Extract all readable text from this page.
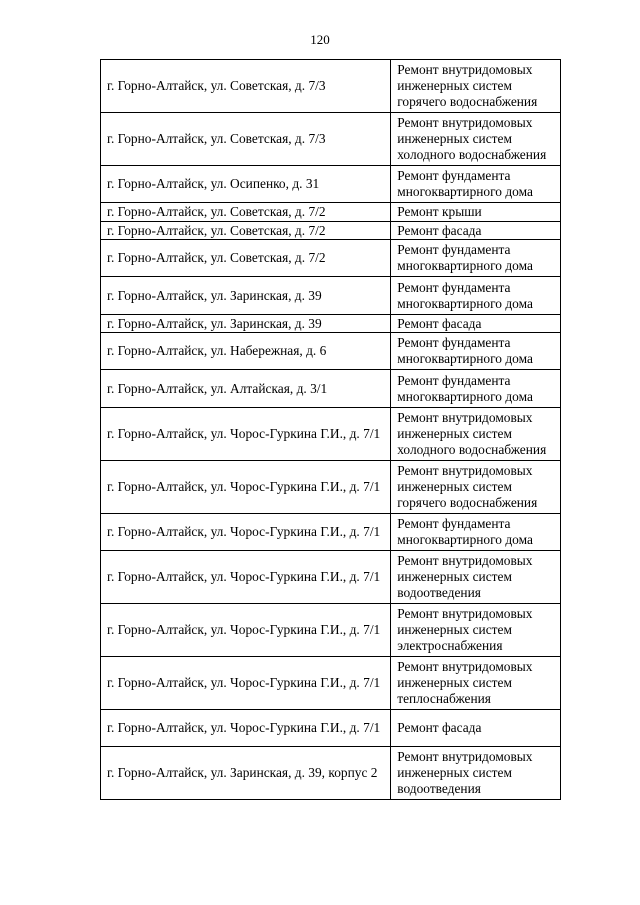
120
г. Горно-Алтайск, ул. Советская, д. 7/3	Ремонт внутридомовых инженерных систем горячего водоснабжения
г. Горно-Алтайск, ул. Советская, д. 7/3	Ремонт внутридомовых инженерных систем холодного водоснабжения
г. Горно-Алтайск, ул. Осипенко, д. 31	Ремонт фундамента многоквартирного дома
г. Горно-Алтайск, ул. Советская, д. 7/2	Ремонт крыши
г. Горно-Алтайск, ул. Советская, д. 7/2	Ремонт фасада
г. Горно-Алтайск, ул. Советская, д. 7/2	Ремонт фундамента многоквартирного дома
г. Горно-Алтайск, ул. Заринская, д. 39	Ремонт фундамента многоквартирного дома
г. Горно-Алтайск, ул. Заринская, д. 39	Ремонт фасада
г. Горно-Алтайск, ул. Набережная, д. 6	Ремонт фундамента многоквартирного дома
г. Горно-Алтайск, ул. Алтайская, д. 3/1	Ремонт фундамента многоквартирного дома
г. Горно-Алтайск, ул. Чорос-Гуркина Г.И., д. 7/1	Ремонт внутридомовых инженерных систем холодного водоснабжения
г. Горно-Алтайск, ул. Чорос-Гуркина Г.И., д. 7/1	Ремонт внутридомовых инженерных систем горячего водоснабжения
г. Горно-Алтайск, ул. Чорос-Гуркина Г.И., д. 7/1	Ремонт фундамента многоквартирного дома
г. Горно-Алтайск, ул. Чорос-Гуркина Г.И., д. 7/1	Ремонт внутридомовых инженерных систем водоотведения
г. Горно-Алтайск, ул. Чорос-Гуркина Г.И., д. 7/1	Ремонт внутридомовых инженерных систем электроснабжения
г. Горно-Алтайск, ул. Чорос-Гуркина Г.И., д. 7/1	Ремонт внутридомовых инженерных систем теплоснабжения
г. Горно-Алтайск, ул. Чорос-Гуркина Г.И., д. 7/1	Ремонт фасада
г. Горно-Алтайск, ул. Заринская, д. 39, корпус 2	Ремонт внутридомовых инженерных систем водоотведения
